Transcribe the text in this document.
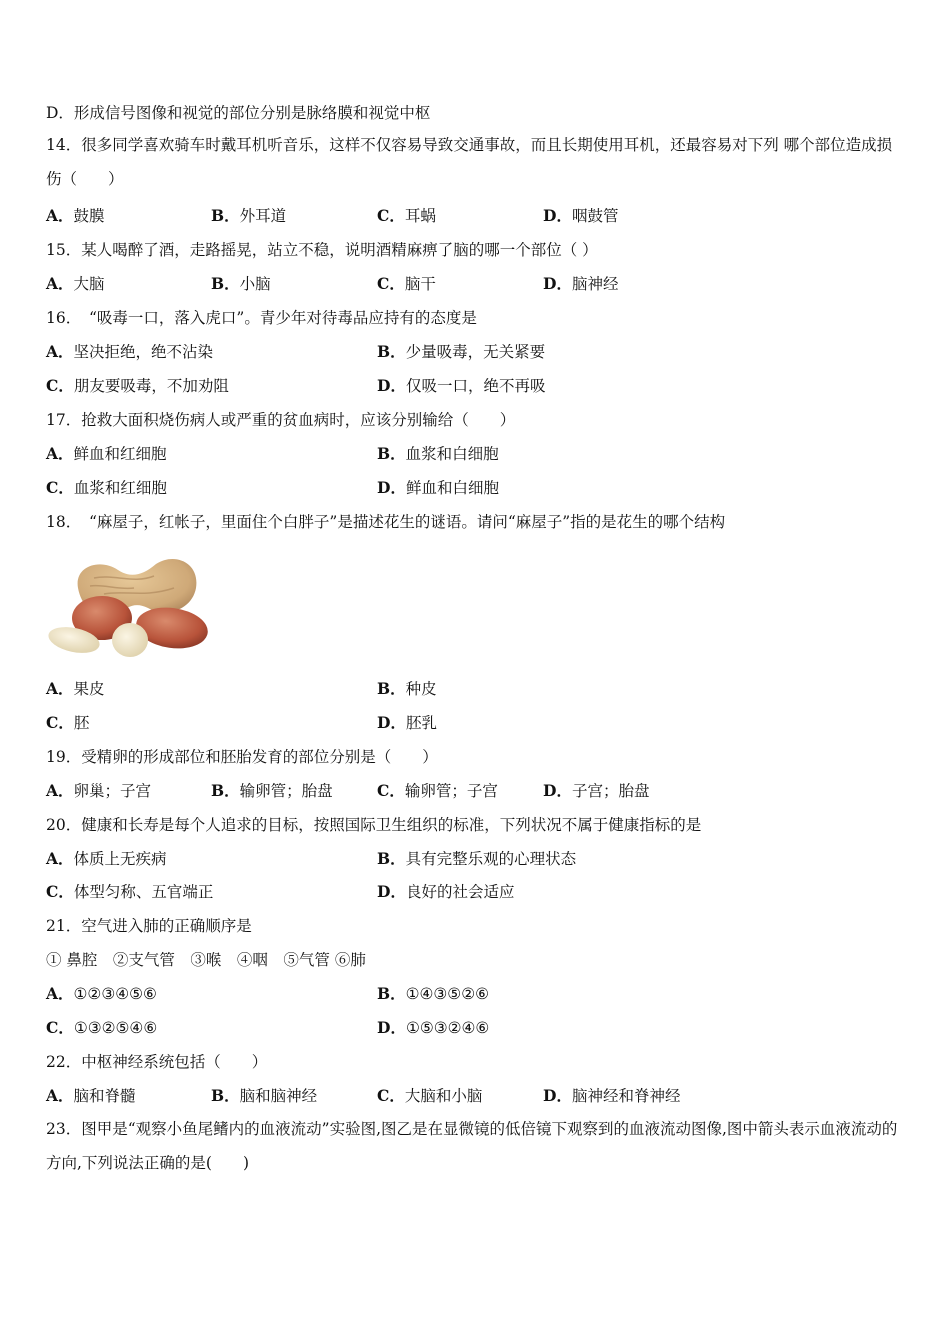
D．形成信号图像和视觉的部位分别是脉络膜和视觉中枢
14．很多同学喜欢骑车时戴耳机听音乐，这样不仅容易导致交通事故，而且长期使用耳机，还最容易对下列 哪个部位造成损伤（　　）
A．鼓膜	B．外耳道	C．耳蜗	D．咽鼓管
15．某人喝醉了酒，走路摇晃，站立不稳，说明酒精麻痹了脑的哪一个部位（ ）
A．大脑	B．小脑	C．脑干	D．脑神经
16．　“吸毒一口，落入虎口”。青少年对待毒品应持有的态度是
A．坚决拒绝，绝不沾染	B．少量吸毒，无关紧要
C．朋友要吸毒，不加劝阻	D．仅吸一口，绝不再吸
17．抢救大面积烧伤病人或严重的贫血病时，应该分别输给（　　）
A．鲜血和红细胞	B．血浆和白细胞
C．血浆和红细胞	D．鲜血和白细胞
18．　“麻屋子，红帐子，里面住个白胖子”是描述花生的谜语。请问“麻屋子”指的是花生的哪个结构
A．果皮	B．种皮
C．胚	D．胚乳
19．受精卵的形成部位和胚胎发育的部位分别是（　　）
A．卵巢；子宫	B．输卵管；胎盘	C．输卵管；子宫	D．子宫；胎盘
20．健康和长寿是每个人追求的目标，按照国际卫生组织的标准，下列状况不属于健康指标的是
A．体质上无疾病	B．具有完整乐观的心理状态
C．体型匀称、五官端正	D．良好的社会适应
21．空气进入肺的正确顺序是
① 鼻腔　②支气管　③喉　④咽　⑤气管 ⑥肺
A．①②③④⑤⑥	B．①④③⑤②⑥
C．①③②⑤④⑥	D．①⑤③②④⑥
22．中枢神经系统包括（　　）
A．脑和脊髓	B．脑和脑神经	C．大脑和小脑	D．脑神经和脊神经
23．图甲是“观察小鱼尾鳍内的血液流动”实验图,图乙是在显微镜的低倍镜下观察到的血液流动图像,图中箭头表示血液流动的方向,下列说法正确的是(　　)
